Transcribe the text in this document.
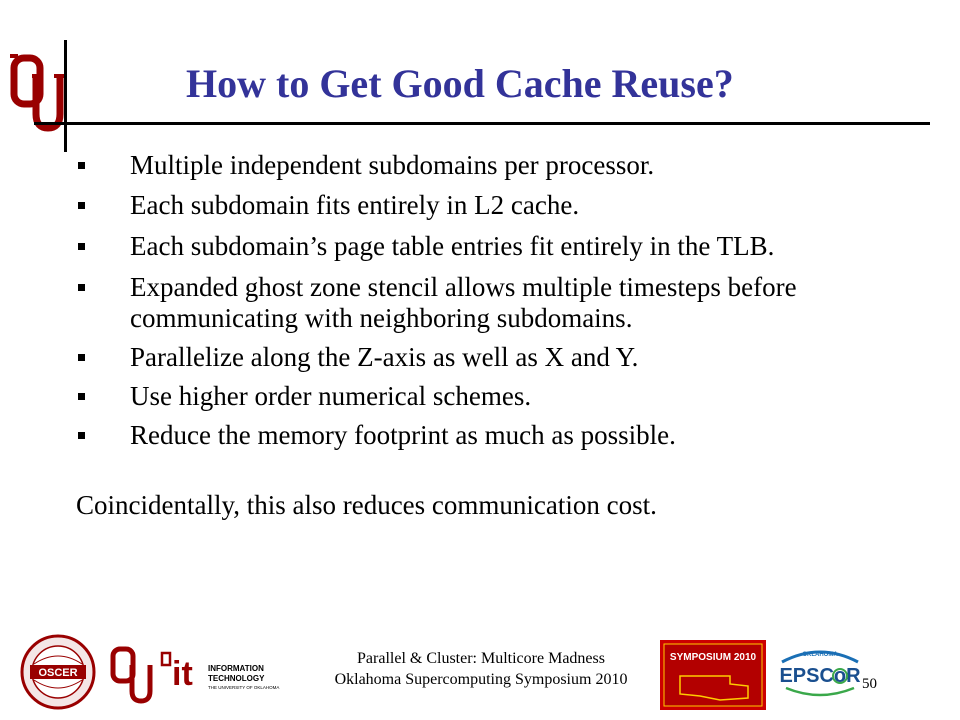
How to Get Good Cache Reuse?
Multiple independent subdomains per processor.
Each subdomain fits entirely in L2 cache.
Each subdomain’s page table entries fit entirely in the TLB.
Expanded ghost zone stencil allows multiple timesteps before communicating with neighboring subdomains.
Parallelize along the Z-axis as well as X and Y.
Use higher order numerical schemes.
Reduce the memory footprint as much as possible.
Coincidentally, this also reduces communication cost.
OSCER	it INFORMATION
TECHNOLOGY
THE UNIVERSITY OF OKLAHOMA
Parallel & Cluster: Multicore Madness
Oklahoma Supercomputing Symposium 2010
SYMPOSIUM 2010	OKLAHOMA
EPSCoR 50
